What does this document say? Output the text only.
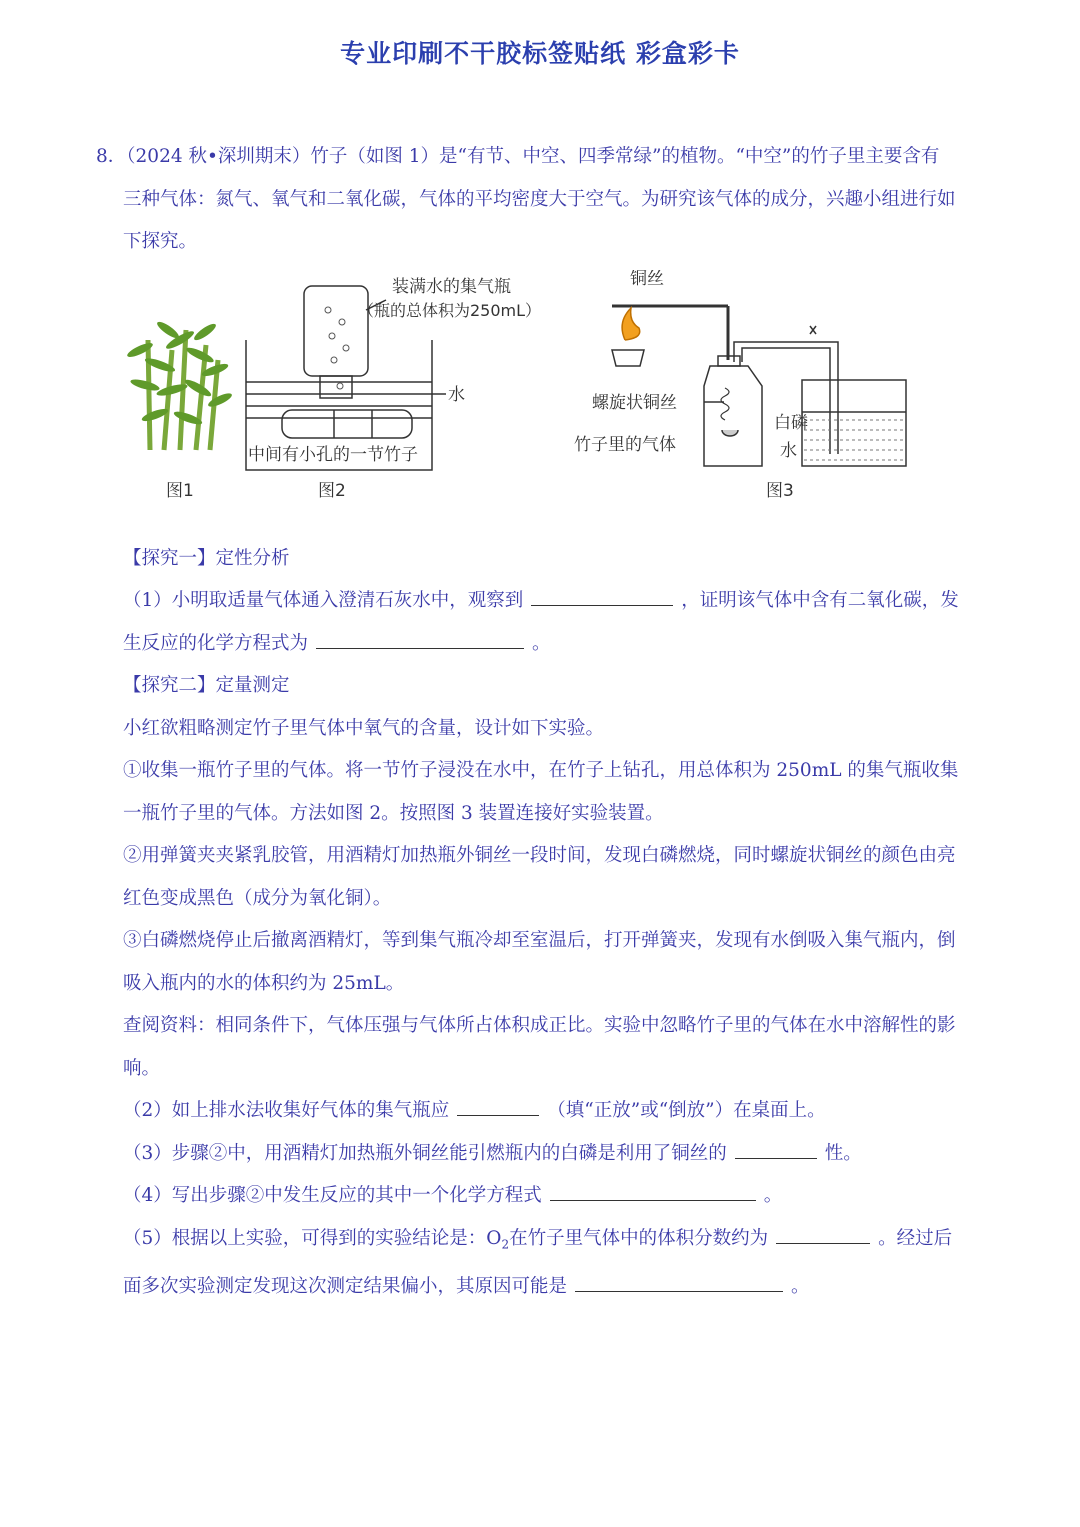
专业印刷不干胶标签贴纸 彩盒彩卡

8．（2024 秋•深圳期末）竹子（如图 1）是“有节、中空、四季常绿”的植物。“中空”的竹子里主要含有

三种气体：氮气、氧气和二氧化碳，气体的平均密度大于空气。为研究该气体的成分，兴趣小组进行如

下探究。

图1
装满水的集气瓶
（瓶的总体积为250mL）
水
中间有小孔的一节竹子
图2
铜丝
螺旋状铜丝
竹子里的气体
白磷
水
图3

【探究一】定性分析

（1）小明取适量气体通入澄清石灰水中，观察到	，证明该气体中含有二氧化碳，发

生反应的化学方程式为	。

【探究二】定量测定

小红欲粗略测定竹子里气体中氧气的含量，设计如下实验。

①收集一瓶竹子里的气体。将一节竹子浸没在水中，在竹子上钻孔，用总体积为 250mL 的集气瓶收集

一瓶竹子里的气体。方法如图 2。按照图 3 装置连接好实验装置。

②用弹簧夹夹紧乳胶管，用酒精灯加热瓶外铜丝一段时间，发现白磷燃烧，同时螺旋状铜丝的颜色由亮

红色变成黑色（成分为氧化铜）。

③白磷燃烧停止后撤离酒精灯，等到集气瓶冷却至室温后，打开弹簧夹，发现有水倒吸入集气瓶内，倒

吸入瓶内的水的体积约为 25mL。

查阅资料：相同条件下，气体压强与气体所占体积成正比。实验中忽略竹子里的气体在水中溶解性的影

响。

（2）如上排水法收集好气体的集气瓶应	（填“正放”或“倒放”）在桌面上。

（3）步骤②中，用酒精灯加热瓶外铜丝能引燃瓶内的白磷是利用了铜丝的	性。

（4）写出步骤②中发生反应的其中一个化学方程式	。

（5）根据以上实验，可得到的实验结论是：$O_2$在竹子里气体中的体积分数约为	。经过后

面多次实验测定发现这次测定结果偏小，其原因可能是	。
